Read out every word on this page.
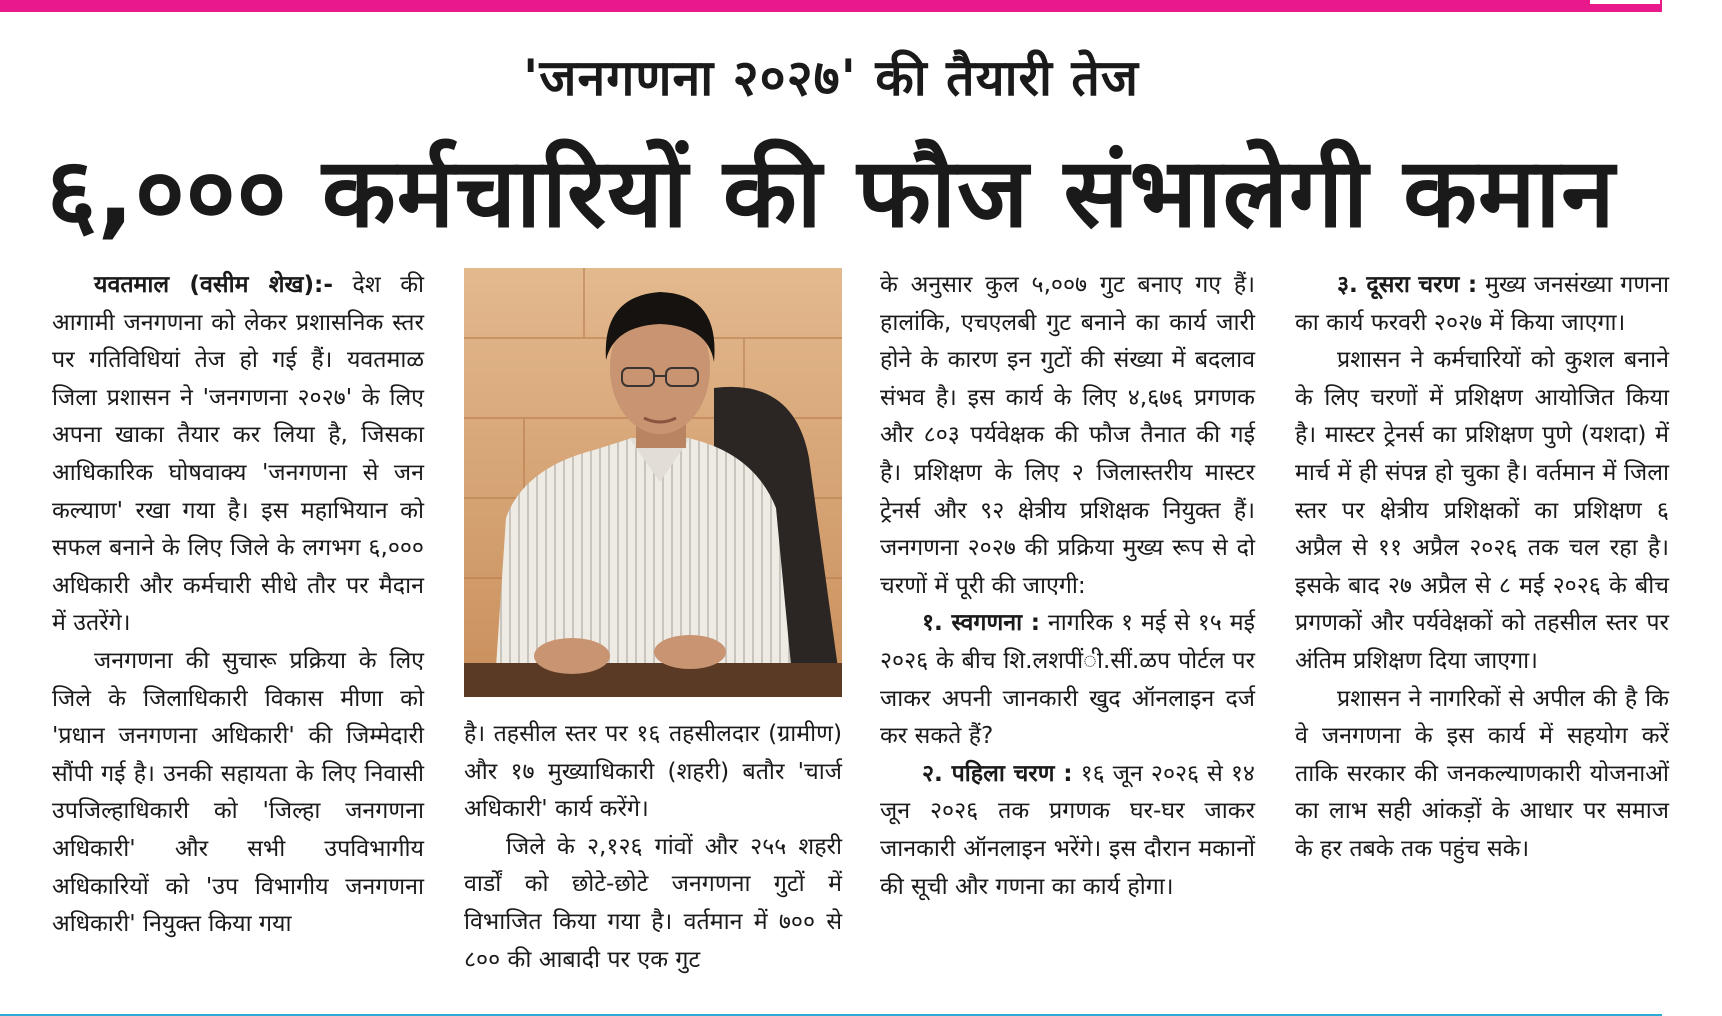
'जनगणना २०२७' की तैयारी तेज
६,००० कर्मचारियों की फौज संभालेगी कमान

यवतमाल (वसीम शेख):- देश की आगामी जनगणना को लेकर प्रशासनिक स्तर पर गतिविधियां तेज हो गई हैं। यवतमाळ जिला प्रशासन ने 'जनगणना २०२७' के लिए अपना खाका तैयार कर लिया है, जिसका आधिकारिक घोषवाक्य 'जनगणना से जन कल्याण' रखा गया है। इस महाभियान को सफल बनाने के लिए जिले के लगभग ६,००० अधिकारी और कर्मचारी सीधे तौर पर मैदान में उतरेंगे।

जनगणना की सुचारू प्रक्रिया के लिए जिले के जिलाधिकारी विकास मीणा को 'प्रधान जनगणना अधिकारी' की जिम्मेदारी सौंपी गई है। उनकी सहायता के लिए निवासी उपजिल्हाधिकारी को 'जिल्हा जनगणना अधिकारी' और सभी उपविभागीय अधिकारियों को 'उप विभागीय जनगणना अधिकारी' नियुक्त किया गया

है। तहसील स्तर पर १६ तहसीलदार (ग्रामीण) और १७ मुख्याधिकारी (शहरी) बतौर 'चार्ज अधिकारी' कार्य करेंगे।

जिले के २,१२६ गांवों और २५५ शहरी वार्डों को छोटे-छोटे जनगणना गुटों में विभाजित किया गया है। वर्तमान में ७०० से ८०० की आबादी पर एक गुट

के अनुसार कुल ५,००७ गुट बनाए गए हैं। हालांकि, एचएलबी गुट बनाने का कार्य जारी होने के कारण इन गुटों की संख्या में बदलाव संभव है। इस कार्य के लिए ४,६७६ प्रगणक और ८०३ पर्यवेक्षक की फौज तैनात की गई है। प्रशिक्षण के लिए २ जिलास्तरीय मास्टर ट्रेनर्स और ९२ क्षेत्रीय प्रशिक्षक नियुक्त हैं। जनगणना २०२७ की प्रक्रिया मुख्य रूप से दो चरणों में पूरी की जाएगी:

१. स्वगणना : नागरिक १ मई से १५ मई २०२६ के बीच शि.लशपींी.सीं.ळप पोर्टल पर जाकर अपनी जानकारी खुद ऑनलाइन दर्ज कर सकते हैं?

२. पहिला चरण : १६ जून २०२६ से १४ जून २०२६ तक प्रगणक घर-घर जाकर जानकारी ऑनलाइन भरेंगे। इस दौरान मकानों की सूची और गणना का कार्य होगा।

३. दूसरा चरण : मुख्य जनसंख्या गणना का कार्य फरवरी २०२७ में किया जाएगा।

प्रशासन ने कर्मचारियों को कुशल बनाने के लिए चरणों में प्रशिक्षण आयोजित किया है। मास्टर ट्रेनर्स का प्रशिक्षण पुणे (यशदा) में मार्च में ही संपन्न हो चुका है। वर्तमान में जिला स्तर पर क्षेत्रीय प्रशिक्षकों का प्रशिक्षण ६ अप्रैल से ११ अप्रैल २०२६ तक चल रहा है। इसके बाद २७ अप्रैल से ८ मई २०२६ के बीच प्रगणकों और पर्यवेक्षकों को तहसील स्तर पर अंतिम प्रशिक्षण दिया जाएगा।

प्रशासन ने नागरिकों से अपील की है कि वे जनगणना के इस कार्य में सहयोग करें ताकि सरकार की जनकल्याणकारी योजनाओं का लाभ सही आंकड़ों के आधार पर समाज के हर तबके तक पहुंच सके।
